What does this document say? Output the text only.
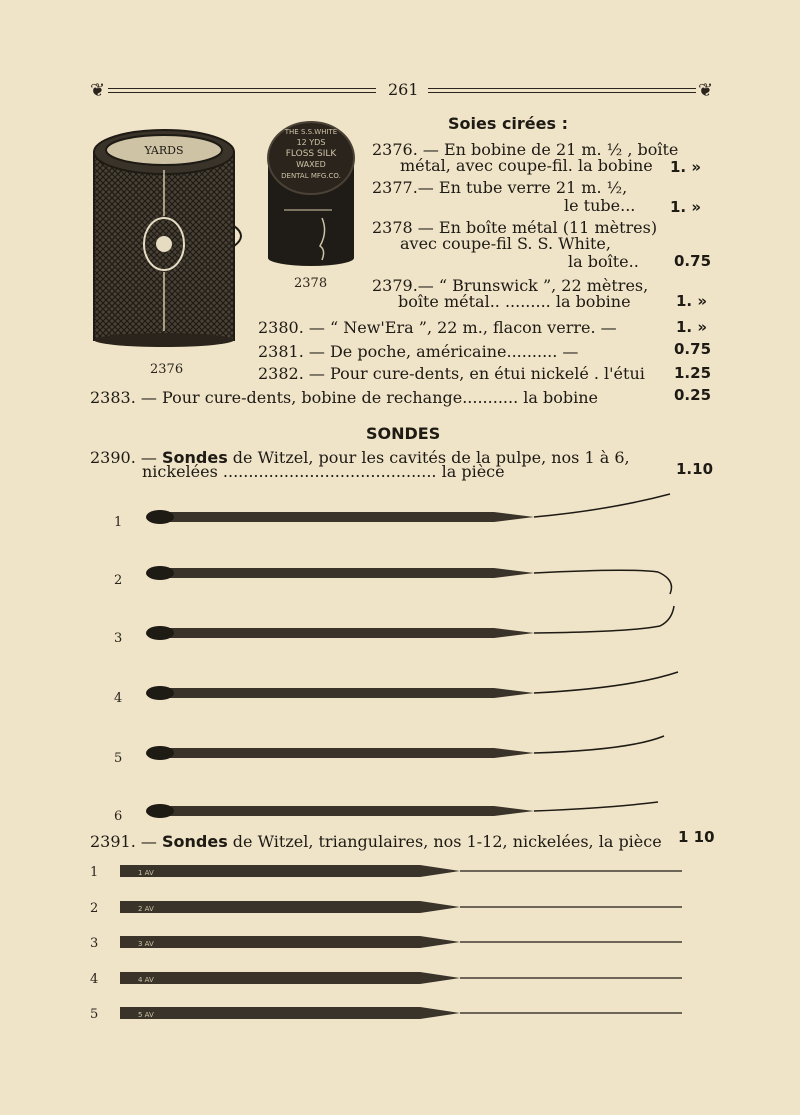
❦	261	❦
YARDS
2376
THE S.S.WHITE
12 YDS
FLOSS SILK
WAXED
DENTAL MFG.CO.
2378
Soies cirées :
2376. — En bobine de 21 m. ½ , boîte
métal, avec coupe-fil. la bobine 1. »
2377.— En tube verre 21 m. ½,
le tube... 1. »
2378 — En boîte métal (11 mètres)
avec coupe-fil S. S. White,
la boîte.. 0.75
2379.— “ Brunswick ”, 22 mètres,
boîte métal.. ......... la bobine	1. »
2380. — “ New'Era ”, 22 m., flacon verre. —	1. »
2381. — De poche, américaine.......... —	0.75
2382. — Pour cure-dents, en étui nickelé . l'étui 1.25
2383. — Pour cure-dents, bobine de rechange........... la bobine	0.25
SONDES
2390. — Sondes de Witzel, pour les cavités de la pulpe, nos 1 à 6,
nickelées .......................................... la pièce	1.10
1
2
3
4
5
6
2391. — Sondes de Witzel, triangulaires, nos 1-12, nickelées, la pièce 1 10
1	1 AV
2	2 AV
3	3 AV
4	4 AV
5	5 AV
